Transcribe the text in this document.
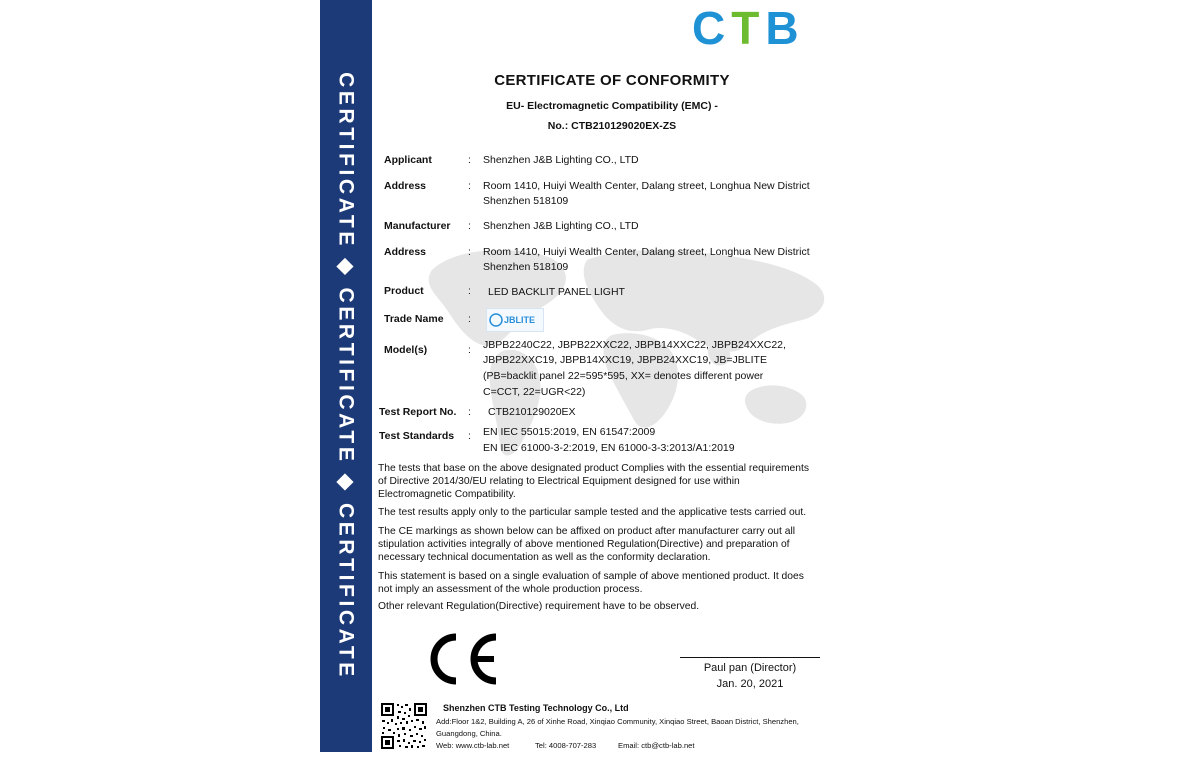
CERTIFICATE ◆ CERTIFICATE ◆ CERTIFICATE
CTB
CERTIFICATE OF CONFORMITY
EU- Electromagnetic Compatibility (EMC) -
No.: CTB210129020EX-ZS
Applicant	: Shenzhen J&B Lighting CO., LTD
Address	: Room 1410, Huiyi Wealth Center, Dalang street, Longhua New District
Shenzhen 518109
Manufacturer : Shenzhen J&B Lighting CO., LTD
Address	: Room 1410, Huiyi Wealth Center, Dalang street, Longhua New District
Shenzhen 518109
Product	: LED BACKLIT PANEL LIGHT
Trade Name :	JBLITE
Model(s)	: JBPB2240C22, JBPB22XXC22, JBPB14XXC22, JBPB24XXC22,
JBPB22XXC19, JBPB14XXC19, JBPB24XXC19, JB=JBLITE
(PB=backlit panel 22=595*595, XX= denotes different power
C=CCT, 22=UGR<22)
Test Report No. : CTB210129020EX
Test Standards : EN IEC 55015:2019, EN 61547:2009
EN IEC 61000-3-2:2019, EN 61000-3-3:2013/A1:2019
The tests that base on the above designated product Complies with the essential requirements
of Directive 2014/30/EU relating to Electrical Equipment designed for use within
Electromagnetic Compatibility.
The test results apply only to the particular sample tested and the applicative tests carried out.
The CE markings as shown below can be affixed on product after manufacturer carry out all
stipulation activities integrally of above mentioned Regulation(Directive) and preparation of
necessary technical documentation as well as the conformity declaration.
This statement is based on a single evaluation of sample of above mentioned product. It does
not imply an assessment of the whole production process.
Other relevant Regulation(Directive) requirement have to be observed.
Paul pan (Director)
Jan. 20, 2021
Shenzhen CTB Testing Technology Co., Ltd
Add:Floor 1&2, Building A, 26 of Xinhe Road, Xinqiao Community, Xinqiao Street, Baoan District, Shenzhen,
Guangdong, China.
Web: www.ctb-lab.net	Tel: 4008-707-283	Email: ctb@ctb-lab.net
